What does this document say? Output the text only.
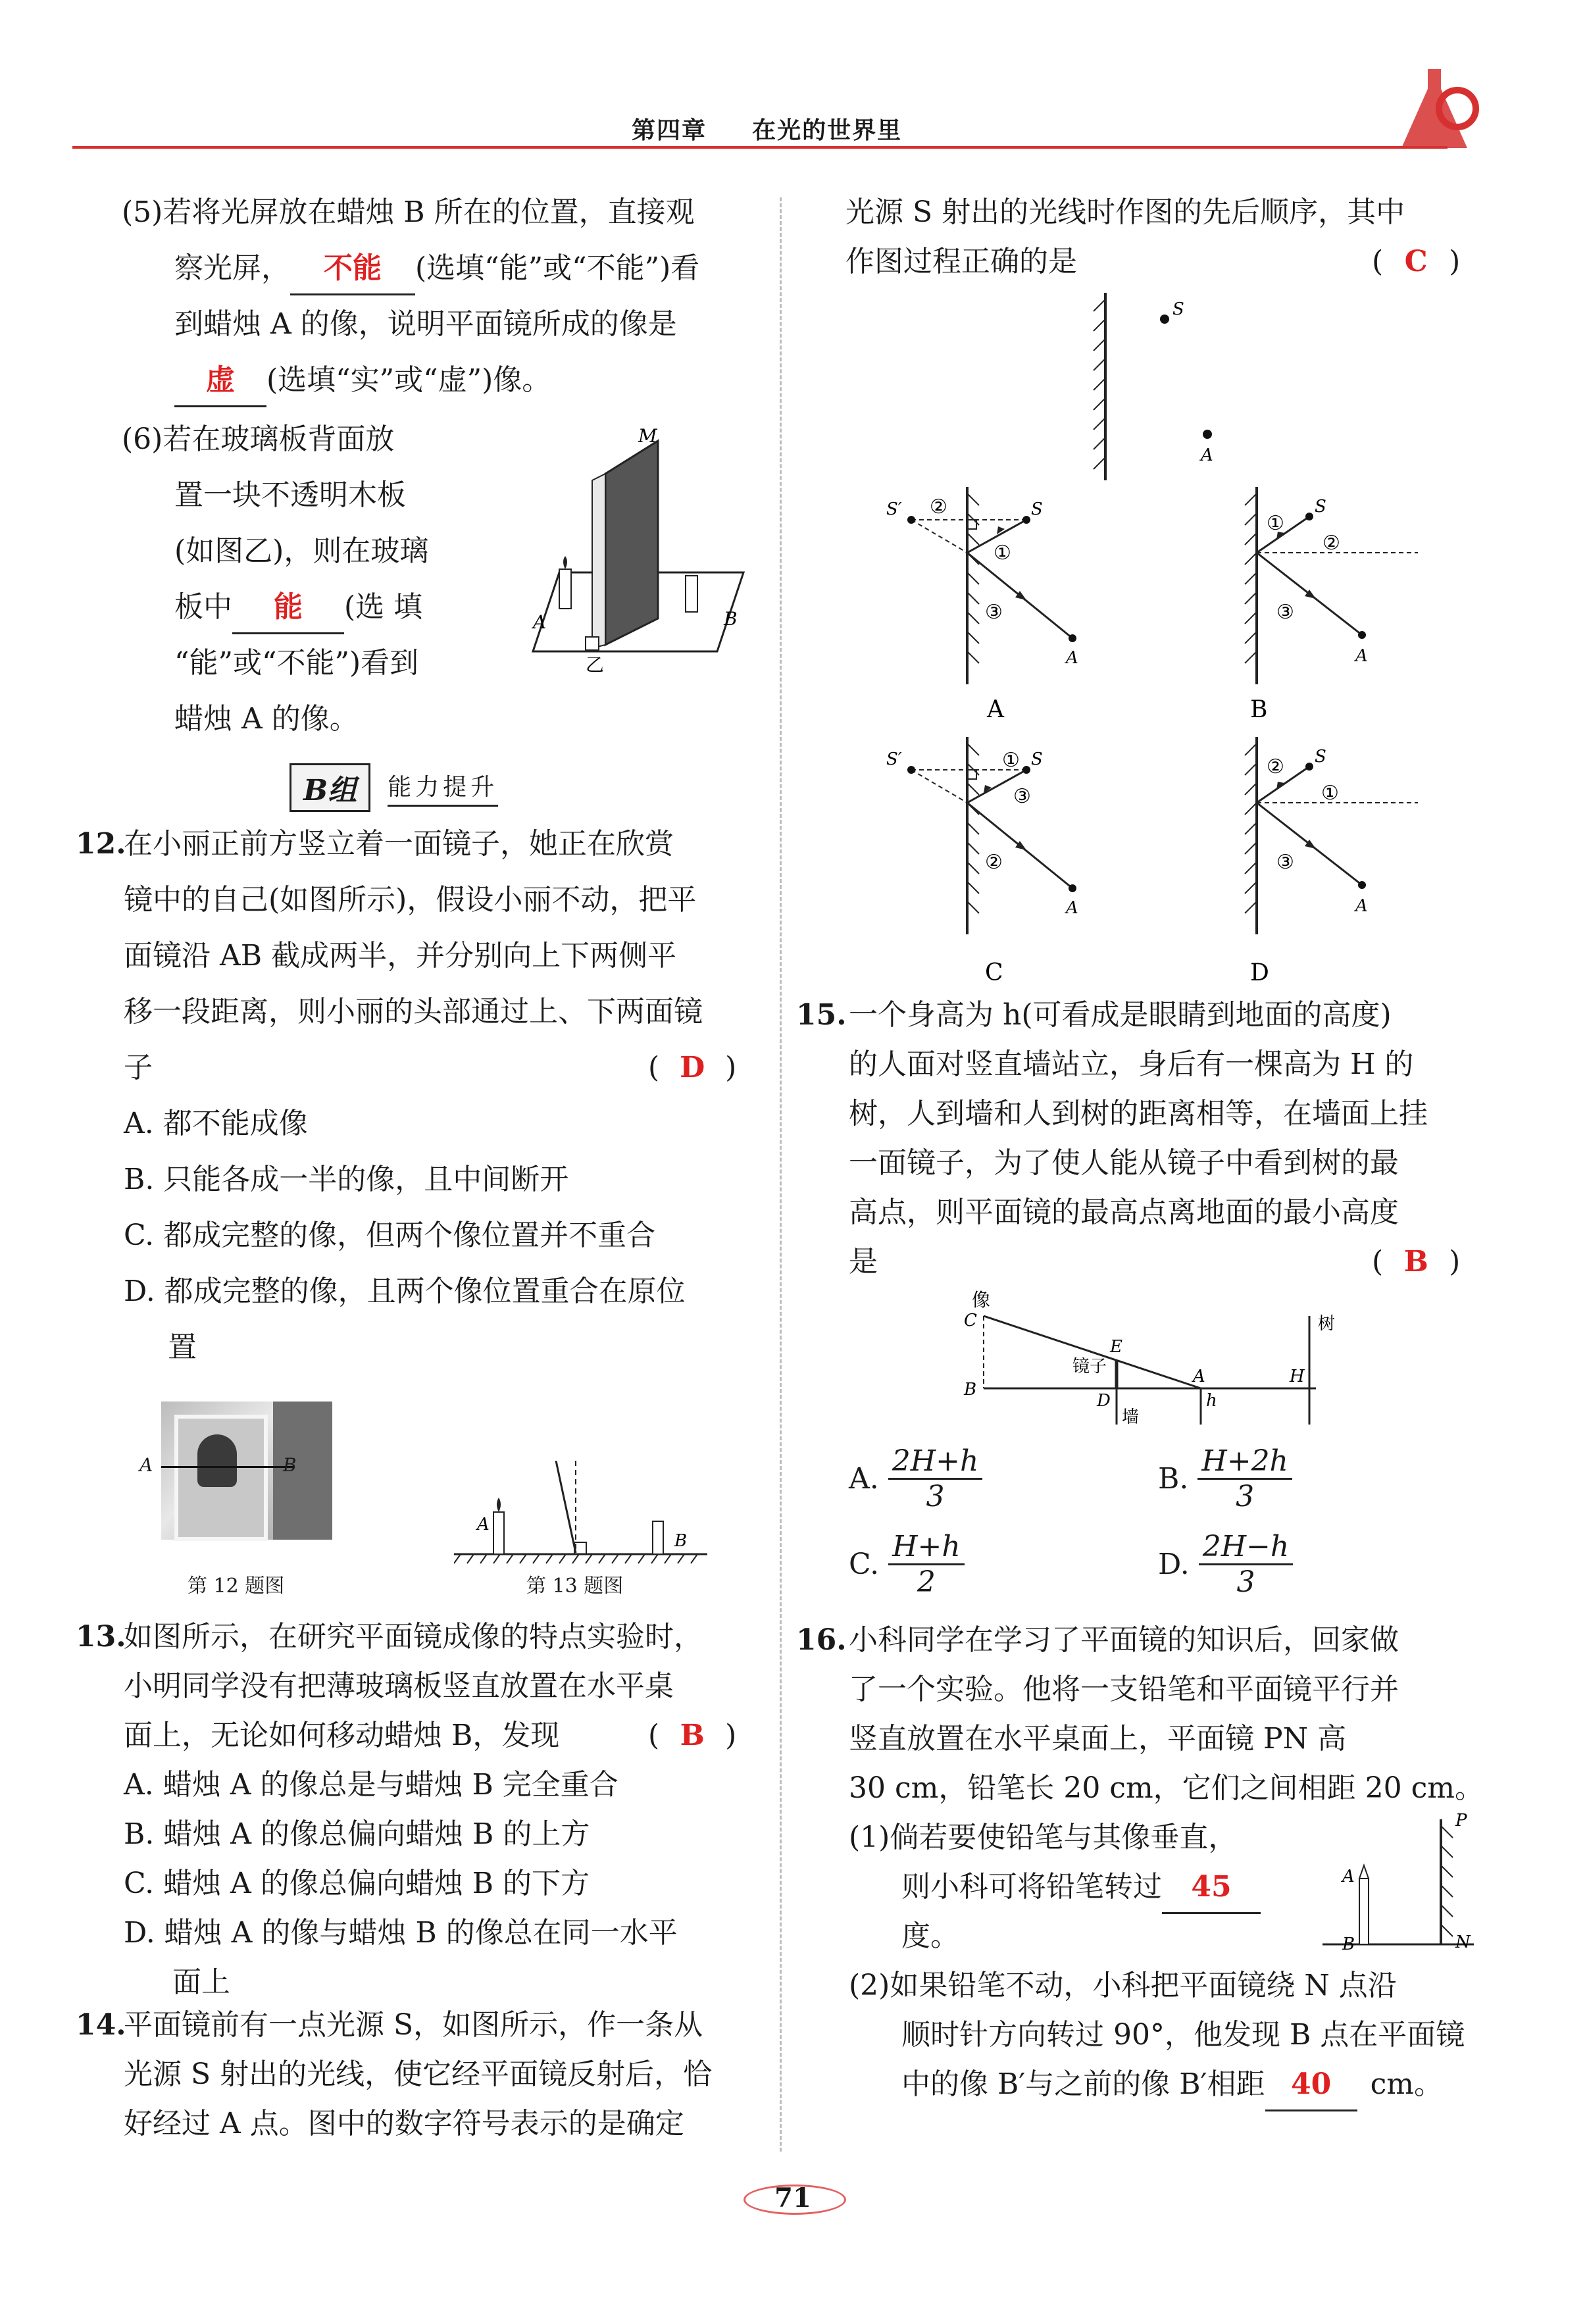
第四章 在光的世界里
(5)若将光屏放在蜡烛 B 所在的位置，直接观
察光屏， 不能 (选填“能”或“不能”)看
到蜡烛 A 的像，说明平面镜所成的像是
虚 (选填“实”或“虚”)像。
(6)若在玻璃板背面放
置一块不透明木板
(如图乙)，则在玻璃
板中 能 (选 填
“能”或“不能”)看到
蜡烛 A 的像。
M
A	B
乙
B组	能力提升
12.
在小丽正前方竖立着一面镜子，她正在欣赏
镜中的自己(如图所示)，假设小丽不动，把平
面镜沿 AB 截成两半，并分别向上下两侧平
移一段距离，则小丽的头部通过上、下两面镜
子	( D )
A. 都不能成像
B. 只能各成一半的像，且中间断开
C. 都成完整的像，但两个像位置并不重合
D. 都成完整的像，且两个像位置重合在原位
置
A	B
第 12 题图
A
B
第 13 题图
13.
如图所示，在研究平面镜成像的特点实验时，
小明同学没有把薄玻璃板竖直放置在水平桌
面上，无论如何移动蜡烛 B，发现	( B )
A. 蜡烛 A 的像总是与蜡烛 B 完全重合
B. 蜡烛 A 的像总偏向蜡烛 B 的上方
C. 蜡烛 A 的像总偏向蜡烛 B 的下方
D. 蜡烛 A 的像与蜡烛 B 的像总在同一水平
面上
14.
平面镜前有一点光源 S，如图所示，作一条从
光源 S 射出的光线，使它经平面镜反射后，恰
好经过 A 点。图中的数字符号表示的是确定
光源 S 射出的光线时作图的先后顺序，其中
作图过程正确的是	( C )
S
A
S′	S
A
②
①
③
A
S
A
①
②
③
B
S′	S
A
①
③
②
C
S
A
②
①
③
D
15. 一个身高为 h(可看成是眼睛到地面的高度)
的人面对竖直墙站立，身后有一棵高为 H 的
树，人到墙和人到树的距离相等，在墙面上挂
一面镜子，为了使人能从镜子中看到树的最
高点，则平面镜的最高点离地面的最小高度
是	( B )
像
C
B
E
镜子
D
墙
A
h
H
树
A. $\frac{2H+h}{3}$	B. $\frac{H+2h}{3}$
C. $\frac{H+h}{2}$	D. $\frac{2H-h}{3}$
16. 小科同学在学习了平面镜的知识后，回家做
了一个实验。他将一支铅笔和平面镜平行并
竖直放置在水平桌面上，平面镜 PN 高
30 cm，铅笔长 20 cm，它们之间相距 20 cm。
(1)倘若要使铅笔与其像垂直，
则小科可将铅笔转过 45
度。
P
N
A
B
(2)如果铅笔不动，小科把平面镜绕 N 点沿
顺时针方向转过 90°，他发现 B 点在平面镜
中的像 B′与之前的像 B′相距 40 cm。
71
